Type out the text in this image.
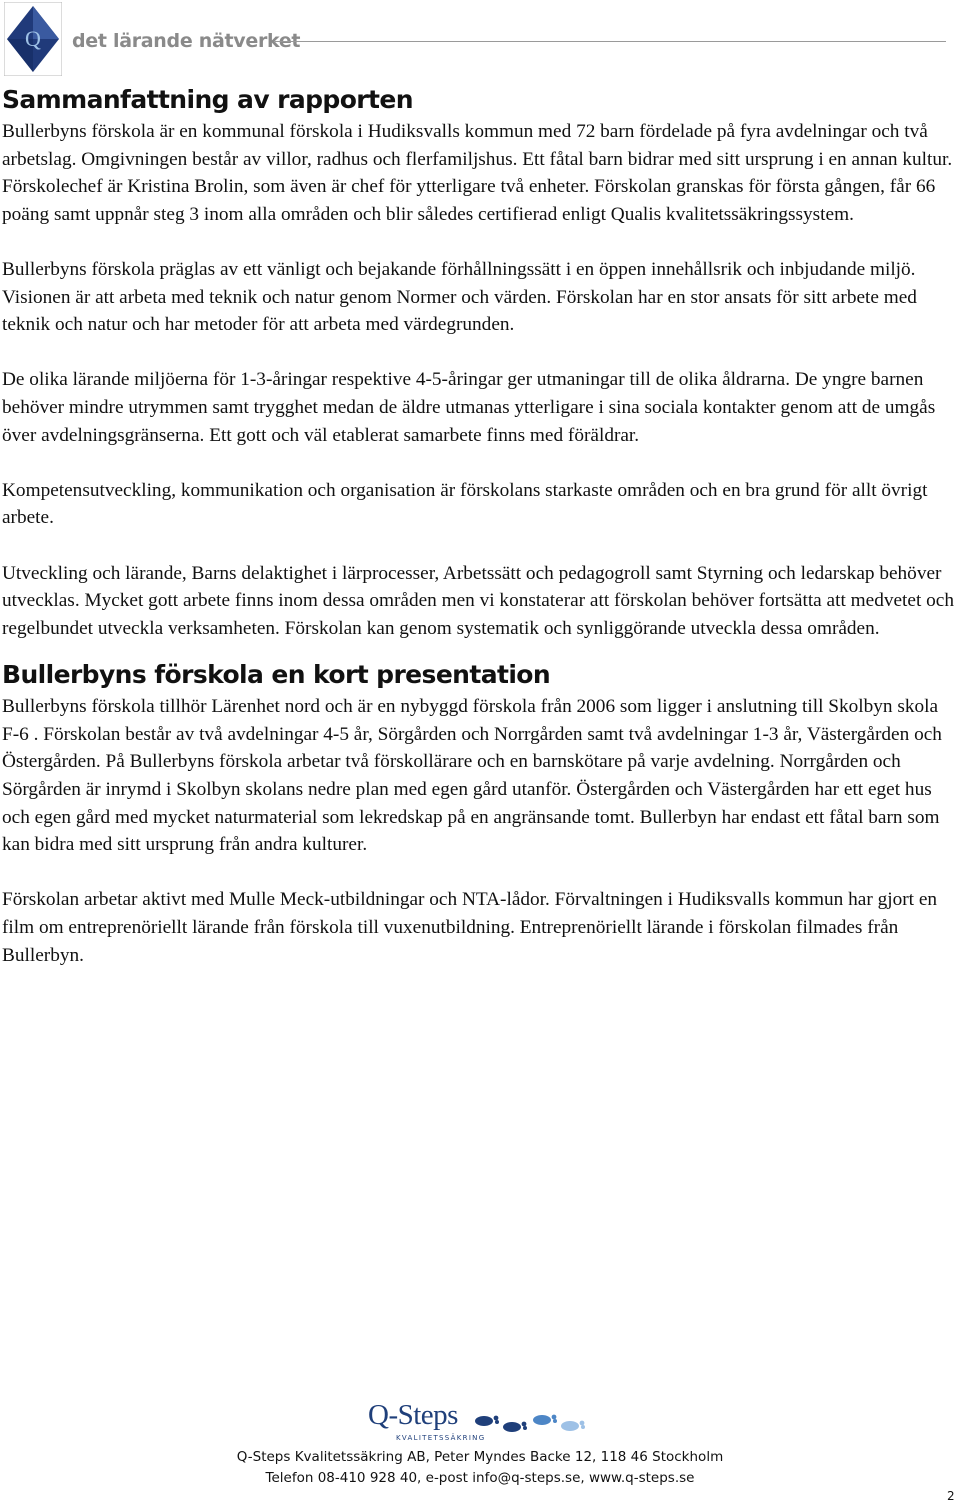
Q det lärande nätverket
Sammanfattning av rapporten

Bullerbyns förskola är en kommunal förskola i Hudiksvalls kommun med 72 barn fördelade på fyra avdelningar och två arbetslag. Omgivningen består av villor, radhus och flerfamiljshus. Ett fåtal barn bidrar med sitt ursprung i en annan kultur. Förskolechef är Kristina Brolin, som även är chef för ytterligare två enheter. Förskolan granskas för första gången, får 66 poäng samt uppnår steg 3 inom alla områden och blir således certifierad enligt Qualis kvalitetssäkringssystem.

Bullerbyns förskola präglas av ett vänligt och bejakande förhållningssätt i en öppen innehållsrik och inbjudande miljö. Visionen är att arbeta med teknik och natur genom Normer och värden. Förskolan har en stor ansats för sitt arbete med teknik och natur och har metoder för att arbeta med värdegrunden.

De olika lärande miljöerna för 1-3-åringar respektive 4-5-åringar ger utmaningar till de olika åldrarna. De yngre barnen behöver mindre utrymmen samt trygghet medan de äldre utmanas ytterligare i sina sociala kontakter genom att de umgås över avdelningsgränserna. Ett gott och väl etablerat samarbete finns med föräldrar.

Kompetensutveckling, kommunikation och organisation är förskolans starkaste områden och en bra grund för allt övrigt arbete.

Utveckling och lärande, Barns delaktighet i lärprocesser, Arbetssätt och pedagogroll samt Styrning och ledarskap behöver utvecklas. Mycket gott arbete finns inom dessa områden men vi konstaterar att förskolan behöver fortsätta att medvetet och regelbundet utveckla verksamheten. Förskolan kan genom systematik och synliggörande utveckla dessa områden.

Bullerbyns förskola en kort presentation

Bullerbyns förskola tillhör Lärenhet nord och är en nybyggd förskola från 2006 som ligger i anslutning till Skolbyn skola F-6 . Förskolan består av två avdelningar 4-5 år, Sörgården och Norrgården samt två avdelningar 1-3 år, Västergården och Östergården. På Bullerbyns förskola arbetar två förskollärare och en barnskötare på varje avdelning. Norrgården och Sörgården är inrymd i Skolbyn skolans nedre plan med egen gård utanför. Östergården och Västergården har ett eget hus och egen gård med mycket naturmaterial som lekredskap på en angränsande tomt. Bullerbyn har endast ett fåtal barn som kan bidra med sitt ursprung från andra kulturer.

Förskolan arbetar aktivt med Mulle Meck-utbildningar och NTA-lådor. Förvaltningen i Hudiksvalls kommun har gjort en film om entreprenöriellt lärande från förskola till vuxenutbildning. Entreprenöriellt lärande i förskolan filmades från Bullerbyn.

Q-Steps
KVALITETSSÄKRING
Q-Steps Kvalitetssäkring AB, Peter Myndes Backe 12, 118 46 Stockholm
Telefon 08-410 928 40, e-post info@q-steps.se, www.q-steps.se
2
